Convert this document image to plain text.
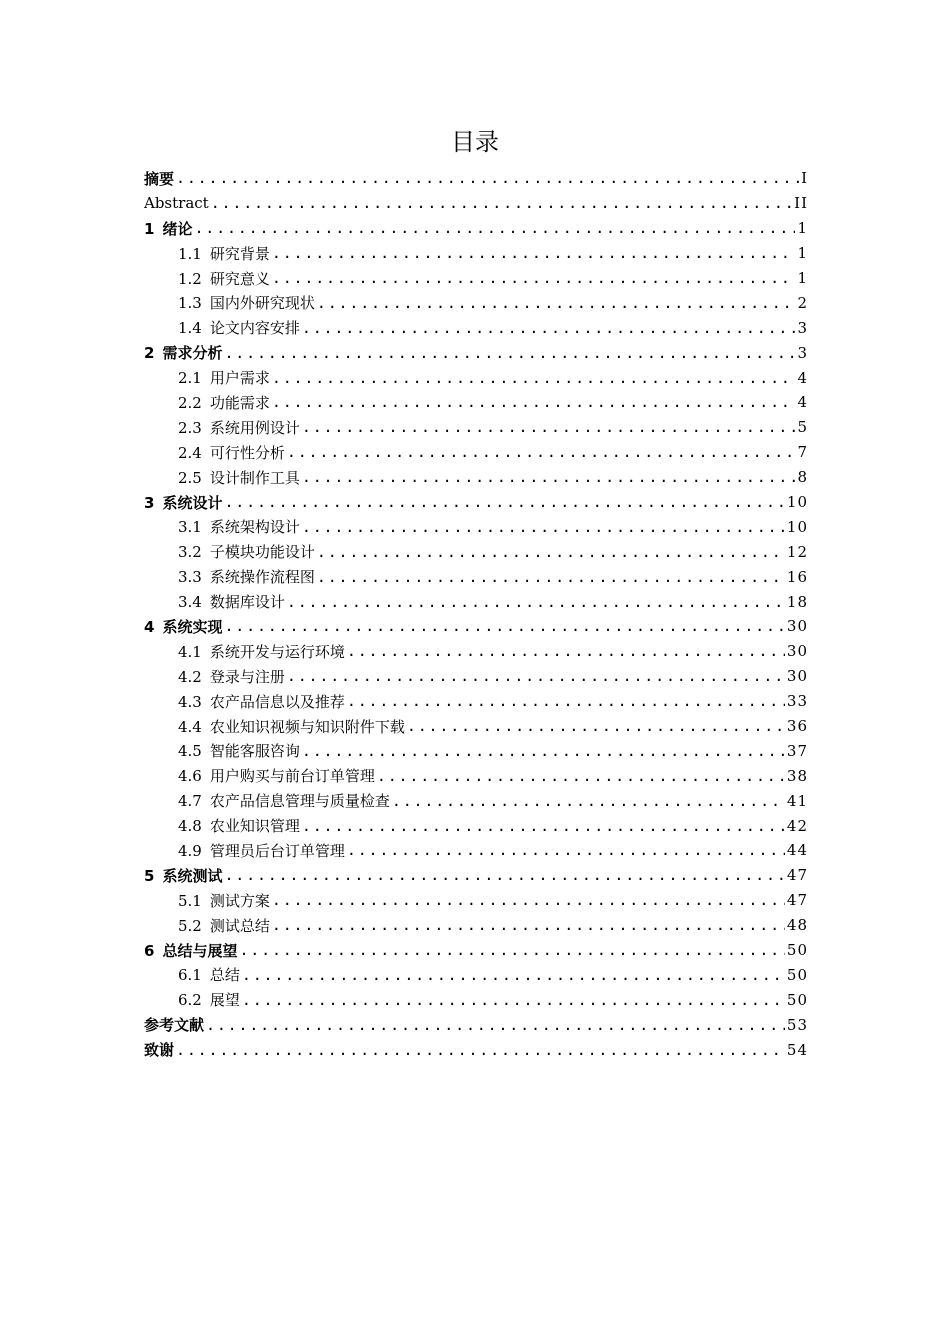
目录
摘要 .....	I
Abstract .....	II
1 绪论 .....	1
1.1 研究背景 .....	1
1.2 研究意义 .....	1
1.3 国内外研究现状 .....	2
1.4 论文内容安排 .....	3
2 需求分析 .....	3
2.1 用户需求 .....	4
2.2 功能需求 .....	4
2.3 系统用例设计 .....	5
2.4 可行性分析 .....	7
2.5 设计制作工具 .....	8
3 系统设计 .....	10
3.1 系统架构设计 .....	10
3.2 子模块功能设计 .....	12
3.3 系统操作流程图 .....	16
3.4 数据库设计 .....	18
4 系统实现 .....	30
4.1 系统开发与运行环境 .....	30
4.2 登录与注册 .....	30
4.3 农产品信息以及推荐 .....	33
4.4 农业知识视频与知识附件下载 .....	36
4.5 智能客服咨询 .....	37
4.6 用户购买与前台订单管理 .....	38
4.7 农产品信息管理与质量检查 .....	41
4.8 农业知识管理 .....	42
4.9 管理员后台订单管理 .....	44
5 系统测试 .....	47
5.1 测试方案 .....	47
5.2 测试总结 .....	48
6 总结与展望 .....	50
6.1 总结 .....	50
6.2 展望 .....	50
参考文献 .....	53
致谢 .....	54
